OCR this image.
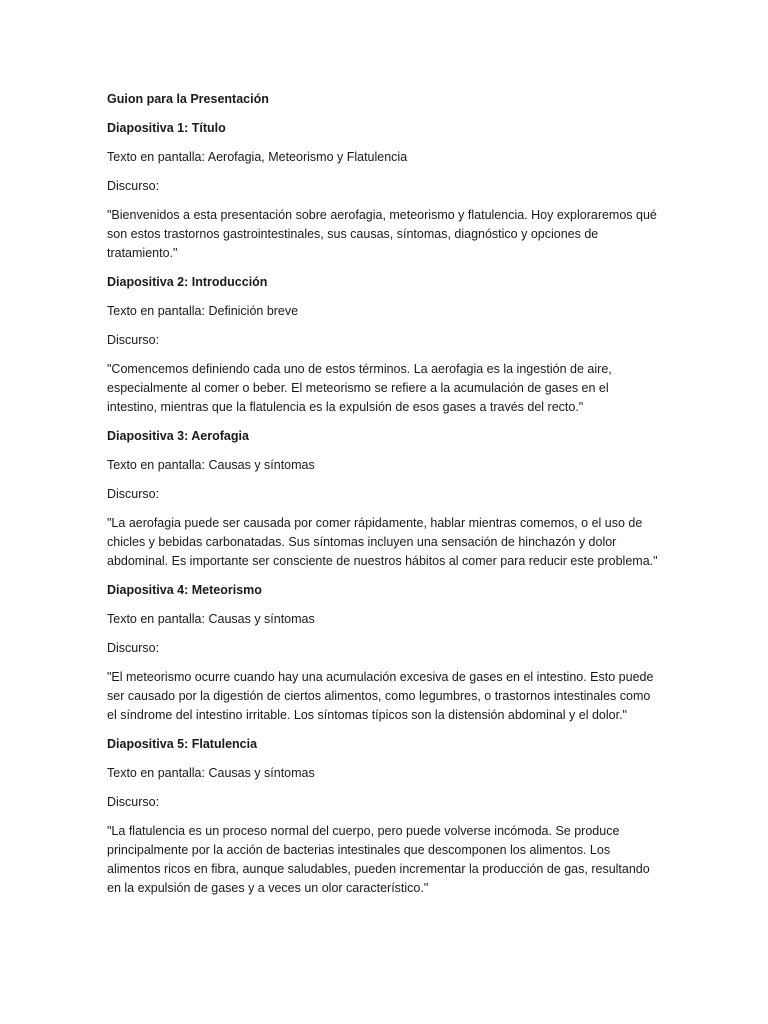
Guion para la Presentación

Diapositiva 1: Título

Texto en pantalla: Aerofagia, Meteorismo y Flatulencia

Discurso:

"Bienvenidos a esta presentación sobre aerofagia, meteorismo y flatulencia. Hoy exploraremos qué son estos trastornos gastrointestinales, sus causas, síntomas, diagnóstico y opciones de tratamiento."

Diapositiva 2: Introducción

Texto en pantalla: Definición breve

Discurso:

"Comencemos definiendo cada uno de estos términos. La aerofagia es la ingestión de aire, especialmente al comer o beber. El meteorismo se refiere a la acumulación de gases en el intestino, mientras que la flatulencia es la expulsión de esos gases a través del recto."

Diapositiva 3: Aerofagia

Texto en pantalla: Causas y síntomas

Discurso:

"La aerofagia puede ser causada por comer rápidamente, hablar mientras comemos, o el uso de chicles y bebidas carbonatadas. Sus síntomas incluyen una sensación de hinchazón y dolor abdominal. Es importante ser consciente de nuestros hábitos al comer para reducir este problema."

Diapositiva 4: Meteorismo

Texto en pantalla: Causas y síntomas

Discurso:

"El meteorismo ocurre cuando hay una acumulación excesiva de gases en el intestino. Esto puede ser causado por la digestión de ciertos alimentos, como legumbres, o trastornos intestinales como el síndrome del intestino irritable. Los síntomas típicos son la distensión abdominal y el dolor."

Diapositiva 5: Flatulencia

Texto en pantalla: Causas y síntomas

Discurso:

"La flatulencia es un proceso normal del cuerpo, pero puede volverse incómoda. Se produce principalmente por la acción de bacterias intestinales que descomponen los alimentos. Los alimentos ricos en fibra, aunque saludables, pueden incrementar la producción de gas, resultando en la expulsión de gases y a veces un olor característico."
